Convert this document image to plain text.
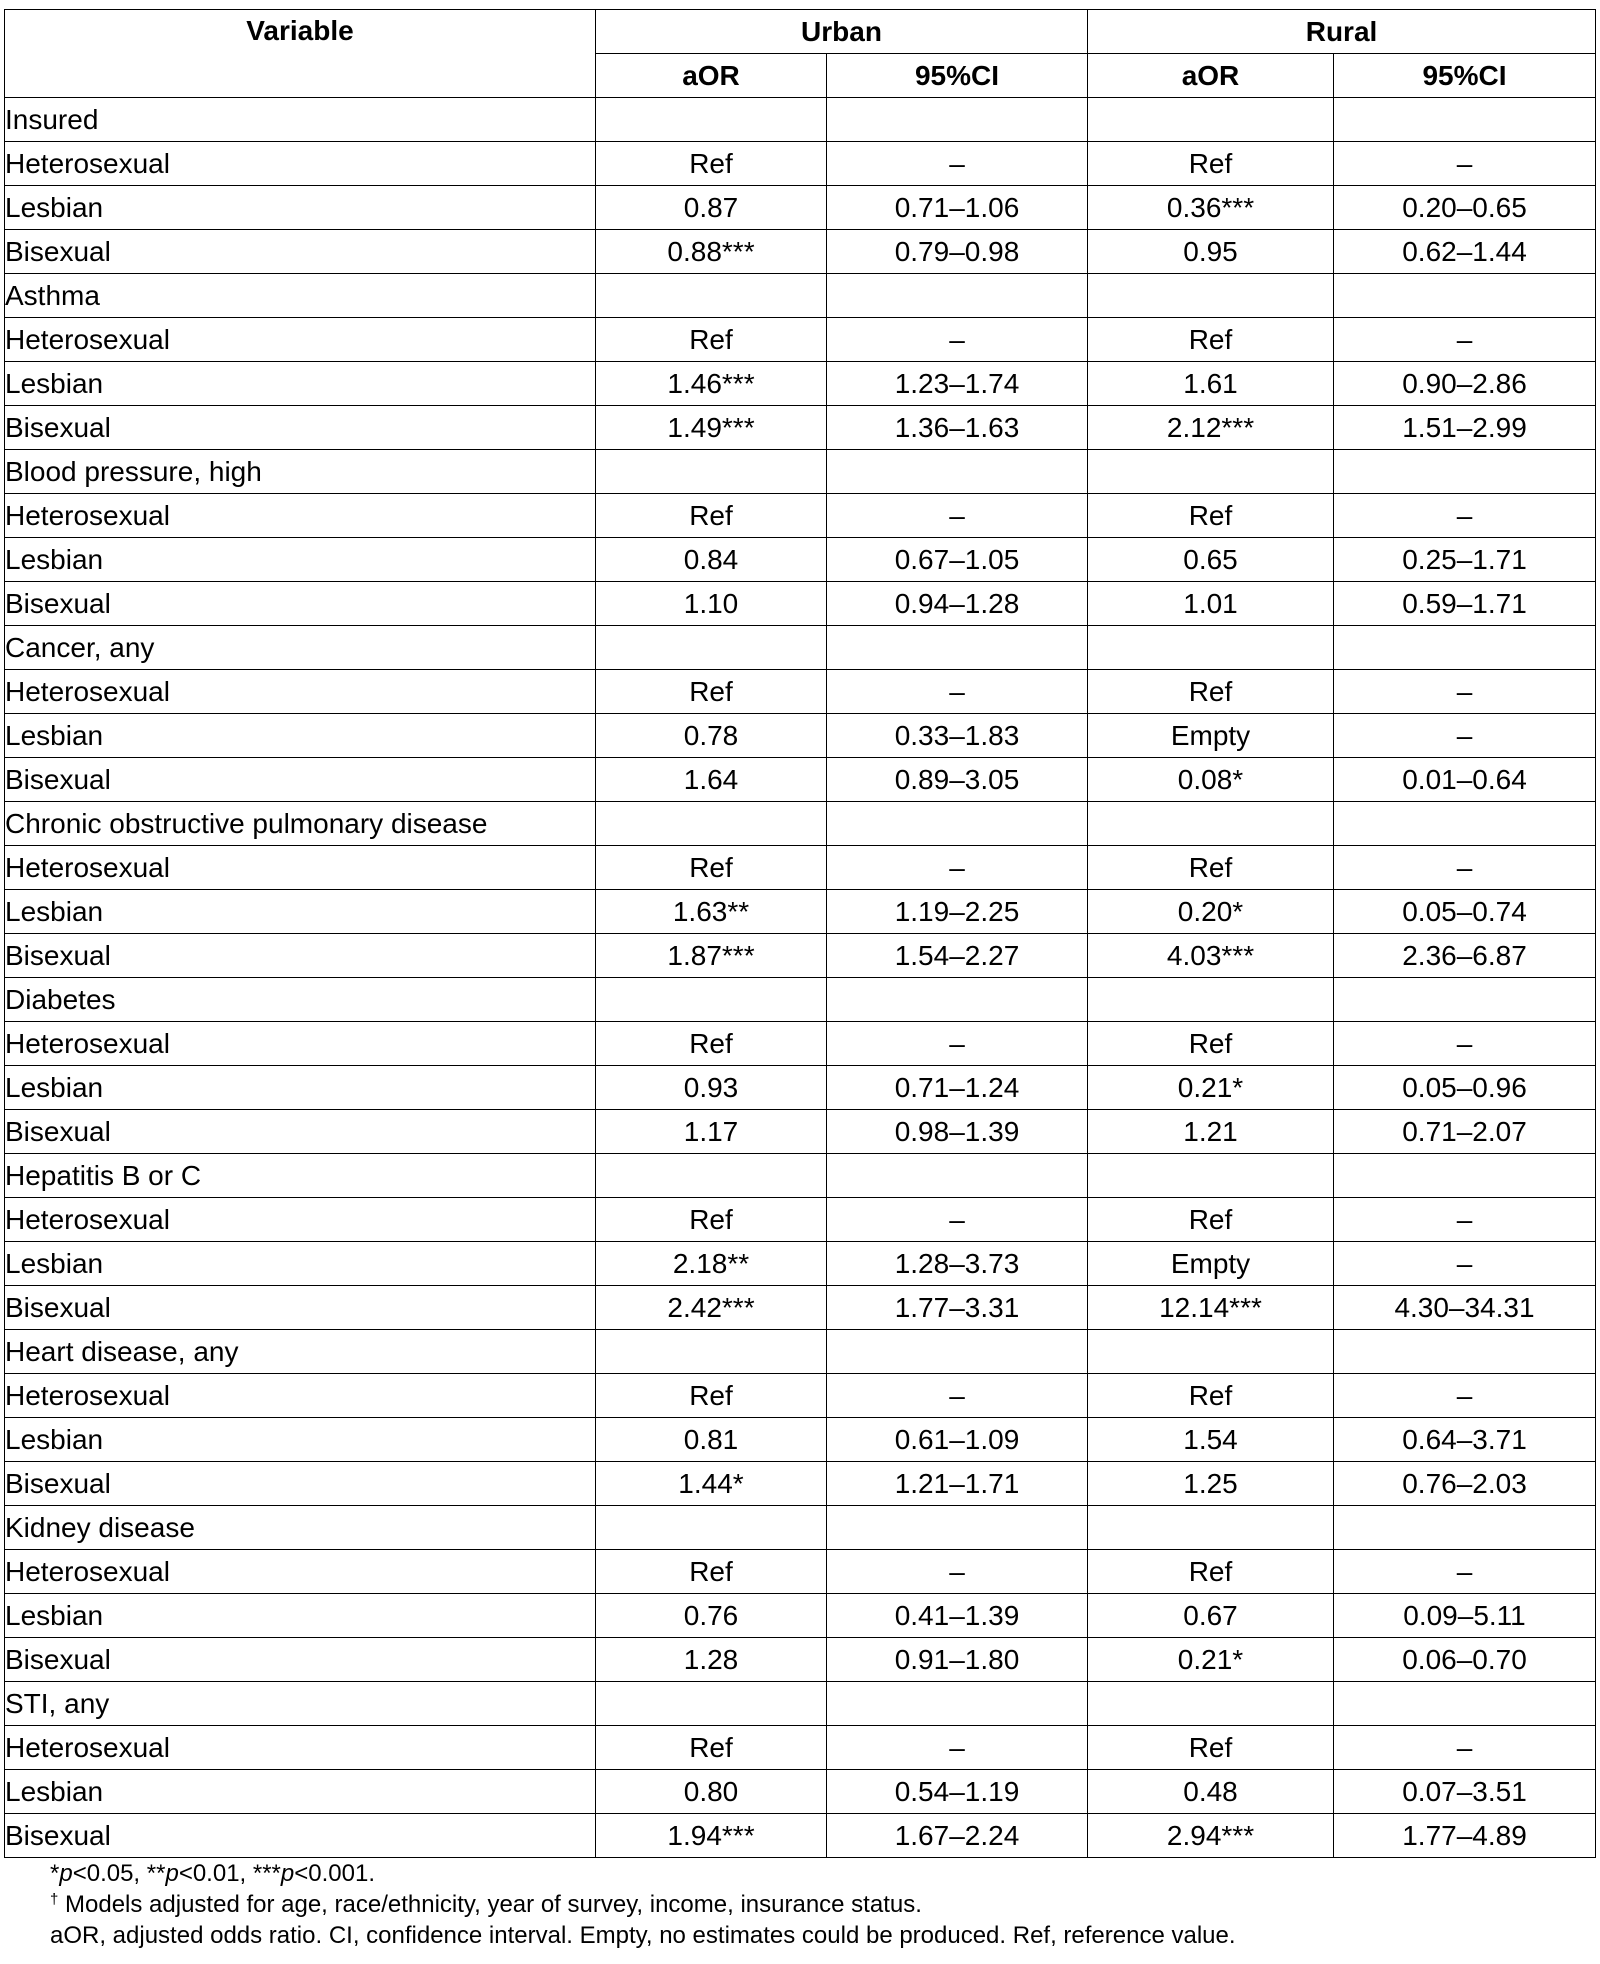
Variable	Urban		Rural	
	aOR	95%CI	aOR	95%CI
Insured				
Heterosexual	Ref	–	Ref	–
Lesbian	0.87	0.71–1.06	0.36***	0.20–0.65
Bisexual	0.88***	0.79–0.98	0.95	0.62–1.44
Asthma				
Heterosexual	Ref	–	Ref	–
Lesbian	1.46***	1.23–1.74	1.61	0.90–2.86
Bisexual	1.49***	1.36–1.63	2.12***	1.51–2.99
Blood pressure, high				
Heterosexual	Ref	–	Ref	–
Lesbian	0.84	0.67–1.05	0.65	0.25–1.71
Bisexual	1.10	0.94–1.28	1.01	0.59–1.71
Cancer, any				
Heterosexual	Ref	–	Ref	–
Lesbian	0.78	0.33–1.83	Empty	–
Bisexual	1.64	0.89–3.05	0.08*	0.01–0.64
Chronic obstructive pulmonary disease				
Heterosexual	Ref	–	Ref	–
Lesbian	1.63**	1.19–2.25	0.20*	0.05–0.74
Bisexual	1.87***	1.54–2.27	4.03***	2.36–6.87
Diabetes				
Heterosexual	Ref	–	Ref	–
Lesbian	0.93	0.71–1.24	0.21*	0.05–0.96
Bisexual	1.17	0.98–1.39	1.21	0.71–2.07
Hepatitis B or C				
Heterosexual	Ref	–	Ref	–
Lesbian	2.18**	1.28–3.73	Empty	–
Bisexual	2.42***	1.77–3.31	12.14***	4.30–34.31
Heart disease, any				
Heterosexual	Ref	–	Ref	–
Lesbian	0.81	0.61–1.09	1.54	0.64–3.71
Bisexual	1.44*	1.21–1.71	1.25	0.76–2.03
Kidney disease				
Heterosexual	Ref	–	Ref	–
Lesbian	0.76	0.41–1.39	0.67	0.09–5.11
Bisexual	1.28	0.91–1.80	0.21*	0.06–0.70
STI, any				
Heterosexual	Ref	–	Ref	–
Lesbian	0.80	0.54–1.19	0.48	0.07–3.51
Bisexual	1.94***	1.67–2.24	2.94***	1.77–4.89

*p<0.05, **p<0.01, ***p<0.001.

† Models adjusted for age, race/ethnicity, year of survey, income, insurance status.

aOR, adjusted odds ratio. CI, confidence interval. Empty, no estimates could be produced. Ref, reference value.
